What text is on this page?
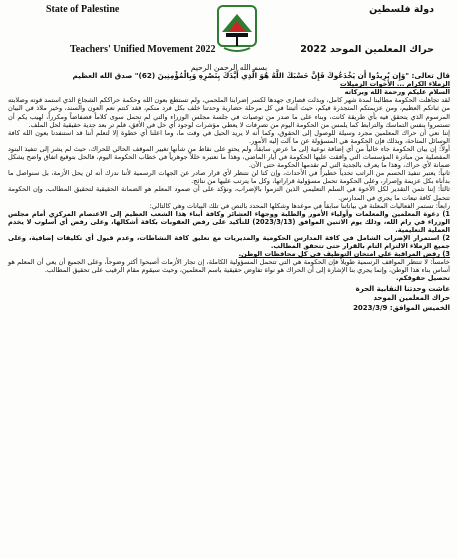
State of Palestine
Teachers' Unified Movement 2022
دولة فلسطين
حراك المعلمين الموحد 2022

بسم الله الرحمن الرحيم

قال تعالى: "وَإِن يُرِيدُوا أَن يَخْدَعُوكَ فَإِنَّ حَسْبَكَ اللَّهُ هُوَ الَّذِي أَيَّدَكَ بِنَصْرِهِ وَبِالْمُؤْمِنِينَ (62)" صدق الله العظيم

الزملاء الكرام ... الأخوات الزميلات

السلام عليكم ورحمة الله وبركاته

لقد تجاهلت الحكومة مطالبنا لمدة شهر كامل، وبذلت قصارى جهدها لكسر إضرابنا الملحمي، ولم تستطع بعون الله وحكمة حراككم الشجاع الذي استمد قوته وصلابته من ثباتكم العظيم، ومن عزيمتكم المتجذرة فيكم، حيث أثبتنا في كل مرحلة حضارية وحدتنا خلف بكل فرد منكم، فقد كنتم نعم العون والسند، وخير ملاذ في البيان المرسوم الذي يتحقق فيه بأي طريقة كانت، وبناء على ما صدر من توصيات في جلسة مجلس الوزراء والتي لم تحمل سوى كلاماً فضفاضاً ومكرراً، لهيب يكم أن تستمروا بنفس التماسك والترابط كما يلمس من الحكومة اليوم من تصرفات لا يعطي مؤشرات لوجود أي حل في الأفق، فلم تر بعد جدية حقيقية لحل الملف.

إننا نعي أن حراك المعلمين مجرد وسيلة للوصول إلى الحقوق، وكما أنه لا يريد الحيل في وقت ما، وما اعلنا أي خطوة إلا لتعلم أننا قد استنفدنا بعون الله كافة الوسائل المتاحة، وبذلك فإن الحكومة هي المسؤولة عن ما آلت إليه الأمور.

أولاً: إن بيان الحكومة جاء خالياً من أي إضافة نوعية إلى ما عرض سابقاً، ولم يحتوِ على نقاط من شأنها تغيير الموقف الحالي للحراك، حيث لم يشر إلى تنفيذ البنود المفصلية من مبادرة المؤسسات التي وافقت عليها الحكومة في أيار الماضي، وهذا ما نعتبره خللاً جوهرياً في خطاب الحكومة اليوم، فالحل بتوقيع اتفاق واضح يشكل ضمانة لأي حراك، وهذا ما يعرف بالجدية التي لم تقدمها الحكومة حتى الآن.

ثانياً: يعتبر تنفيذ الحسم من الراتب تحدياً خطيراً في الأحداث، وإن كنا لن نتنظر لأي قرار صادر عن الجهات الرسمية لأننا ندرك أنه لن يحل الأزمة، بل سنواصل ما بدأناه بكل عزيمة وإصرار، وعلى الحكومة تحمل مسؤولية قراراتها، وكل ما يترتب عليها من نتائج.

ثالثاً: إننا نثمن التقدير لكل الأخوة في السلم التعليمي الذين التزموا بالإضراب، ونؤكد على أن صمود المعلم هو الضمانة الحقيقية لتحقيق المطالب، وإن الحكومة تتحمل كافة تبعات ما يجري في المدارس.

رابعاً: تستمر الفعاليات المعلنة في بياناتنا سابقاً في موعدها وشكلها المحدد بالنص في تلك البيانات وهي كالتالي:

1) دعوة المعلمين والمعلمات وأولياء الأمور والطلبة ووجهاء العشائر وكافة أبناء هذا الشعب العظيم إلى الاعتصام المركزي أمام مجلس الوزراء في رام الله، وذلك يوم الاثنين الموافق (2023/3/13) للتأكيد على رفض العقوبات بكافة أشكالها، وعلى رفض أي أسلوب لا يخدم العملية التعليمية.

2) استمرار الإضراب الشامل في كافة المدارس الحكومية والمديريات مع تعليق كافة النشاطات، وعدم قبول أي تكليفات إضافية، وعلى جميع الزملاء الالتزام التام بالقرار حتى تتحقق المطالب.

3) رفض المراقبة على امتحان التوظيف في كل محافظات الوطن.

خامساً: لا تنتظر المواقف الرسمية طويلاً فإن الحكومة هي التي تتحمل المسؤولية الكاملة، إن تجار الأزمات أصبحوا أكثر وضوحاً، وعلى الجميع أن يعي أن المعلم هو أساس بناء هذا الوطن، وإنما يجري بنا الإشارة إلى أن الحراك هو نواة تفاوض حقيقية باسم المعلمين، وحيث سيقوم مقام الرقيب على تحقيق المطالب.

تحصيل حقوقكم.

عاشت وحدتنا النقابية الحرة
حراك المعلمين الموحد
الخميس الموافق: 2023/3/9
